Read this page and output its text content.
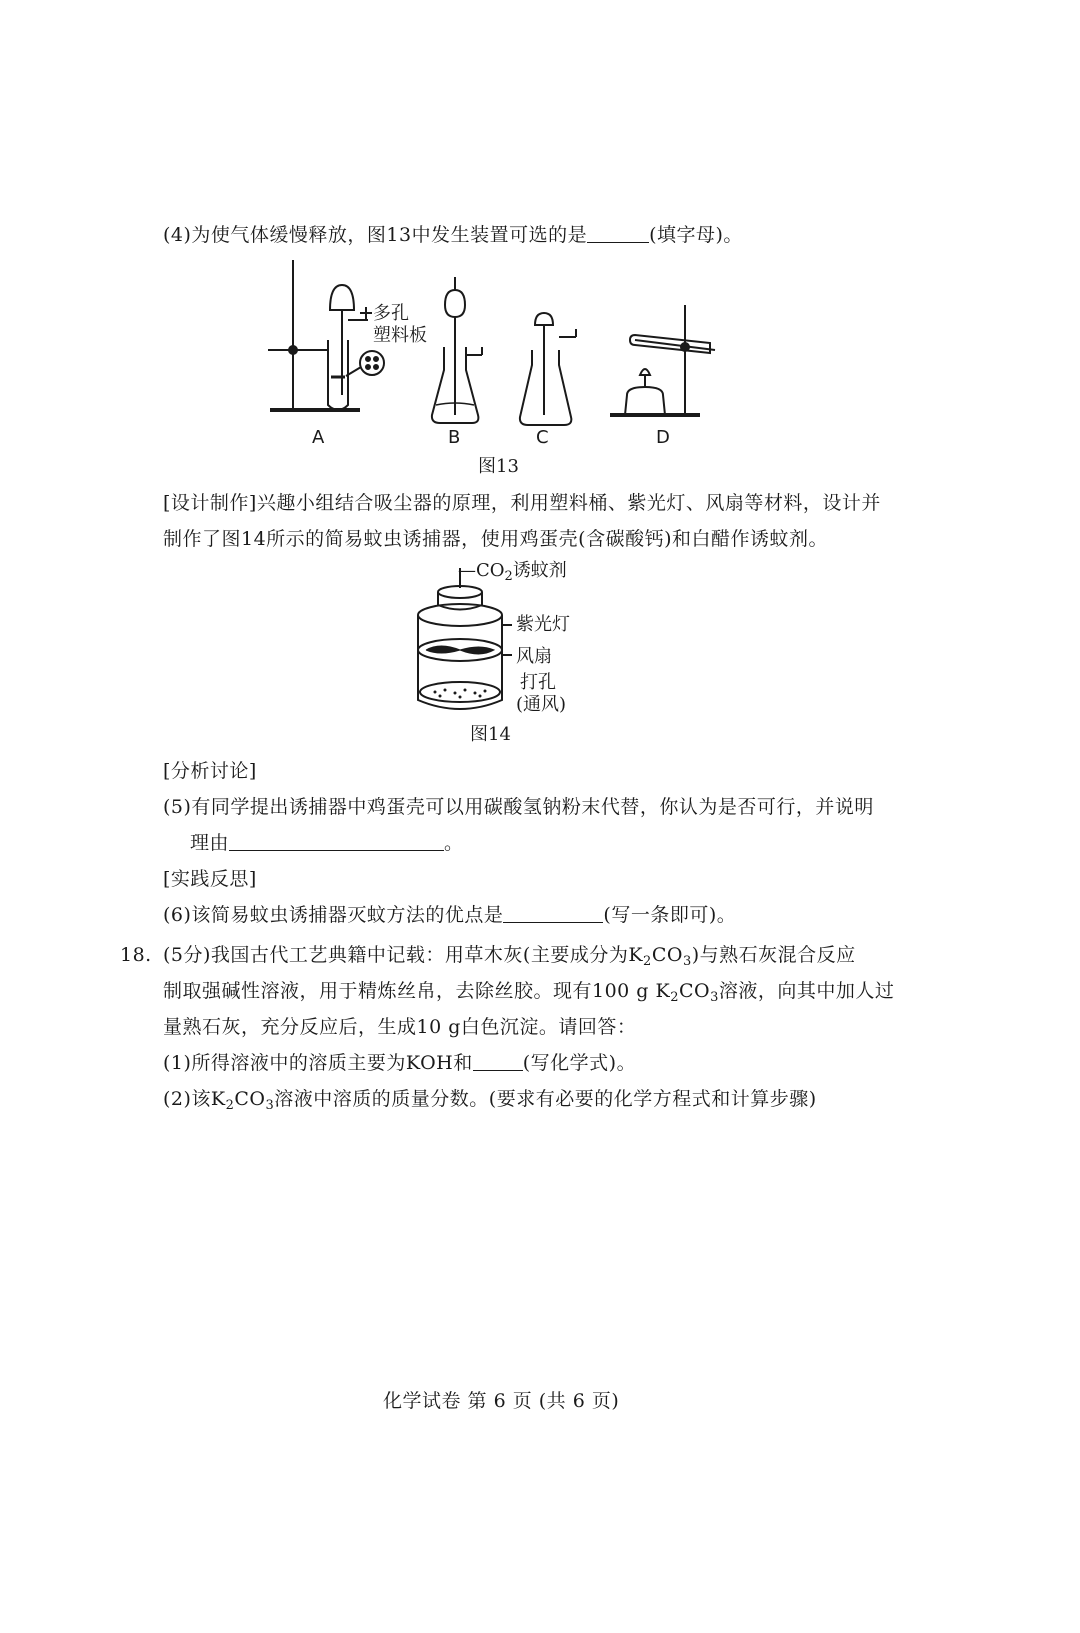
(4)为使气体缓慢释放，图13中发生装置可选的是	(填字母)。
多孔
塑料板
A	B	C	D
图13
[设计制作]兴趣小组结合吸尘器的原理，利用塑料桶、紫光灯、风扇等材料，设计并
制作了图14所示的简易蚊虫诱捕器，使用鸡蛋壳(含碳酸钙)和白醋作诱蚊剂。
$—CO_2$诱蚊剂
紫光灯
风扇
打孔
(通风)
图14
[分析讨论]
(5)有同学提出诱捕器中鸡蛋壳可以用碳酸氢钠粉末代替，你认为是否可行，并说明
理由	。
[实践反思]
(6)该简易蚊虫诱捕器灭蚊方法的优点是	(写一条即可)。
18. (5分)我国古代工艺典籍中记载：用草木灰(主要成分为$K_2CO_3$)与熟石灰混合反应
制取强碱性溶液，用于精炼丝帛，去除丝胶。现有100 g $K_2CO_3$溶液，向其中加人过
量熟石灰，充分反应后，生成10 g白色沉淀。请回答：
(1)所得溶液中的溶质主要为KOH和	(写化学式)。
(2)该$K_2CO_3$溶液中溶质的质量分数。(要求有必要的化学方程式和计算步骤)
化学试卷 第 6 页 (共 6 页)
